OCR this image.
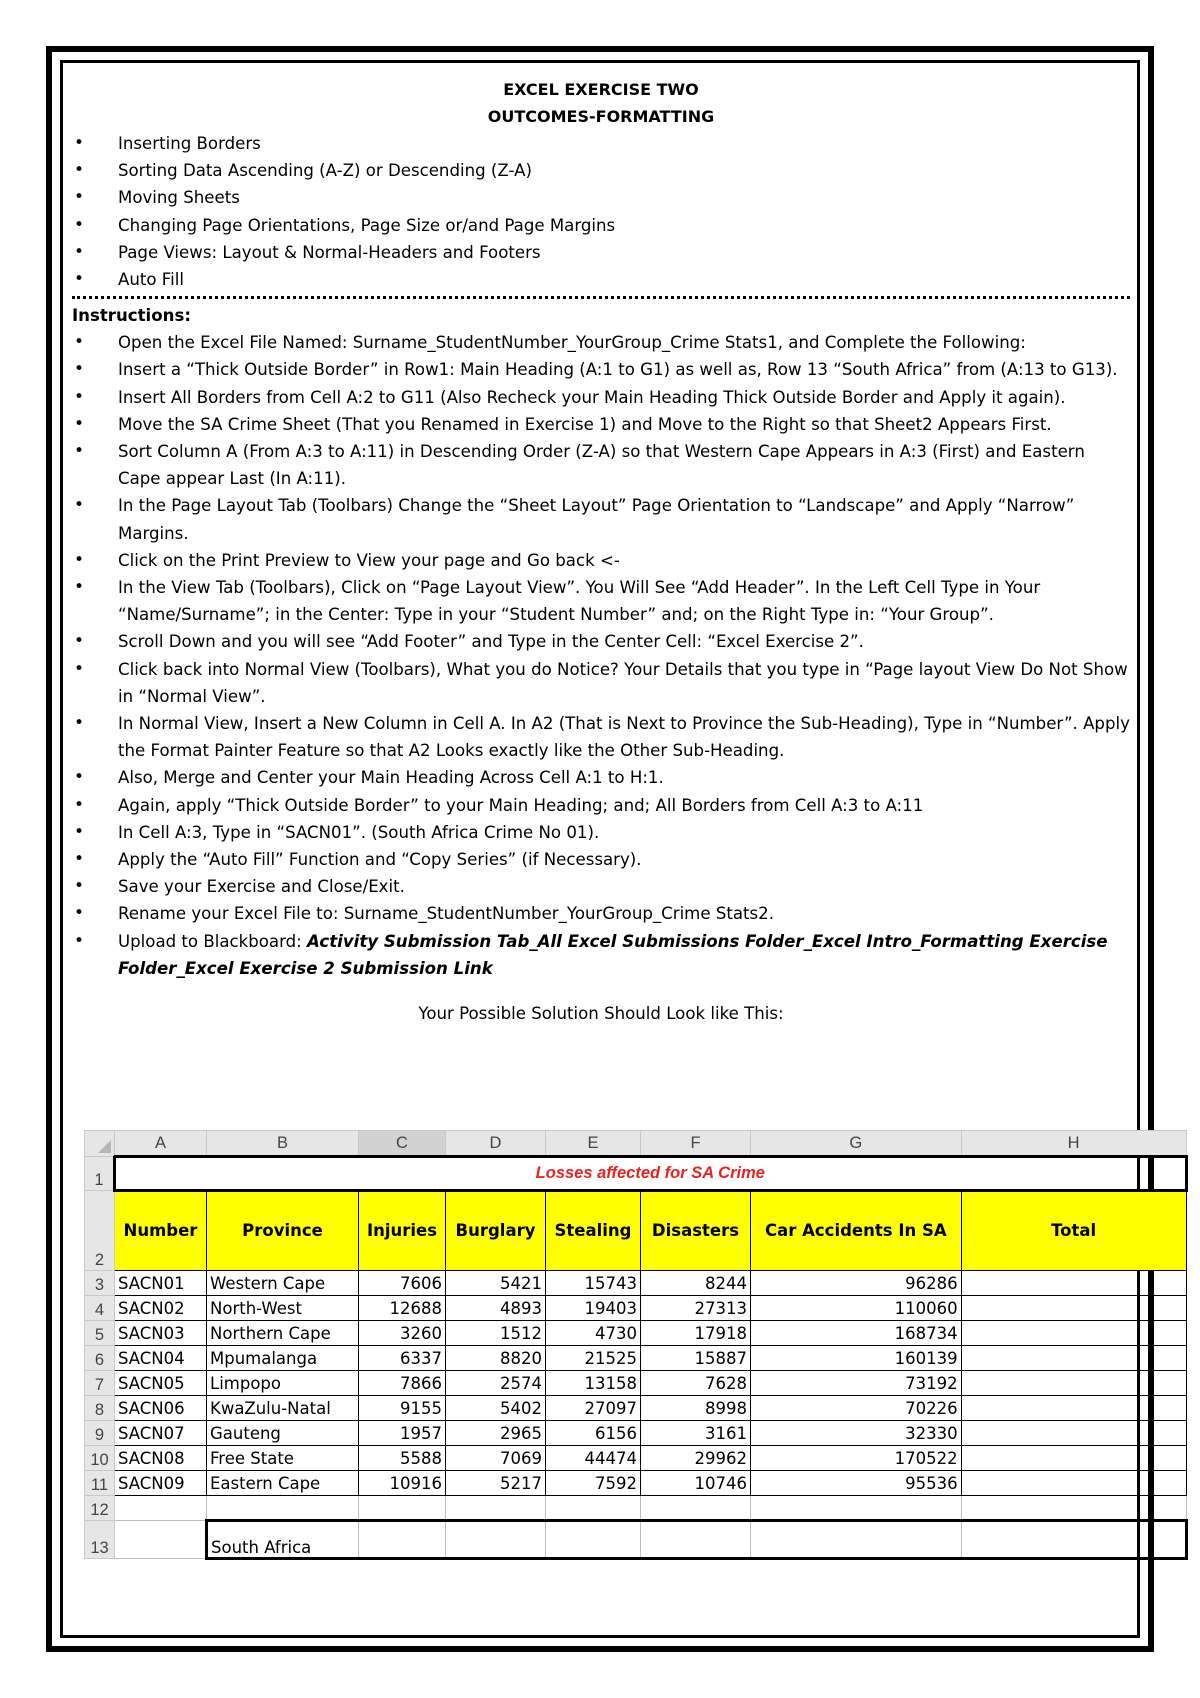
EXCEL EXERCISE TWO
OUTCOMES-FORMATTING
• Inserting Borders
• Sorting Data Ascending (A-Z) or Descending (Z-A)
• Moving Sheets
• Changing Page Orientations, Page Size or/and Page Margins
• Page Views: Layout & Normal-Headers and Footers
• Auto Fill
Instructions:
• Open the Excel File Named: Surname_StudentNumber_YourGroup_Crime Stats1, and Complete the Following:
• Insert a “Thick Outside Border” in Row1: Main Heading (A:1 to G1) as well as, Row 13 “South Africa” from (A:13 to G13).
• Insert All Borders from Cell A:2 to G11 (Also Recheck your Main Heading Thick Outside Border and Apply it again).
• Move the SA Crime Sheet (That you Renamed in Exercise 1) and Move to the Right so that Sheet2 Appears First.
• Sort Column A (From A:3 to A:11) in Descending Order (Z-A) so that Western Cape Appears in A:3 (First) and Eastern Cape appear Last (In A:11).
• In the Page Layout Tab (Toolbars) Change the “Sheet Layout” Page Orientation to “Landscape” and Apply “Narrow” Margins.
• Click on the Print Preview to View your page and Go back <-
• In the View Tab (Toolbars), Click on “Page Layout View”. You Will See “Add Header”. In the Left Cell Type in Your “Name/Surname”; in the Center: Type in your “Student Number” and; on the Right Type in: “Your Group”.
• Scroll Down and you will see “Add Footer” and Type in the Center Cell: “Excel Exercise 2”.
• Click back into Normal View (Toolbars), What you do Notice? Your Details that you type in “Page layout View Do Not Show in “Normal View”.
• In Normal View, Insert a New Column in Cell A. In A2 (That is Next to Province the Sub-Heading), Type in “Number”. Apply the Format Painter Feature so that A2 Looks exactly like the Other Sub-Heading.
• Also, Merge and Center your Main Heading Across Cell A:1 to H:1.
• Again, apply “Thick Outside Border” to your Main Heading; and; All Borders from Cell A:3 to A:11
• In Cell A:3, Type in “SACN01”. (South Africa Crime No 01).
• Apply the “Auto Fill” Function and “Copy Series” (if Necessary).
• Save your Exercise and Close/Exit.
• Rename your Excel File to: Surname_StudentNumber_YourGroup_Crime Stats2.
• Upload to Blackboard: Activity Submission Tab_All Excel Submissions Folder_Excel Intro_Formatting Exercise Folder_Excel Exercise 2 Submission Link
Your Possible Solution Should Look like This:
	A	B	C	D	E	F	G	H
1	Losses affected for SA Crime							
2	Number	Province	Injuries	Burglary	Stealing	Disasters	Car Accidents In SA	Total
3	SACN01	Western Cape	7606	5421	15743	8244	96286	
4	SACN02	North-West	12688	4893	19403	27313	110060	
5	SACN03	Northern Cape	3260	1512	4730	17918	168734	
6	SACN04	Mpumalanga	6337	8820	21525	15887	160139	
7	SACN05	Limpopo	7866	2574	13158	7628	73192	
8	SACN06	KwaZulu-Natal	9155	5402	27097	8998	70226	
9	SACN07	Gauteng	1957	2965	6156	3161	32330	
10	SACN08	Free State	5588	7069	44474	29962	170522	
11	SACN09	Eastern Cape	10916	5217	7592	10746	95536	
12								
13		South Africa						
